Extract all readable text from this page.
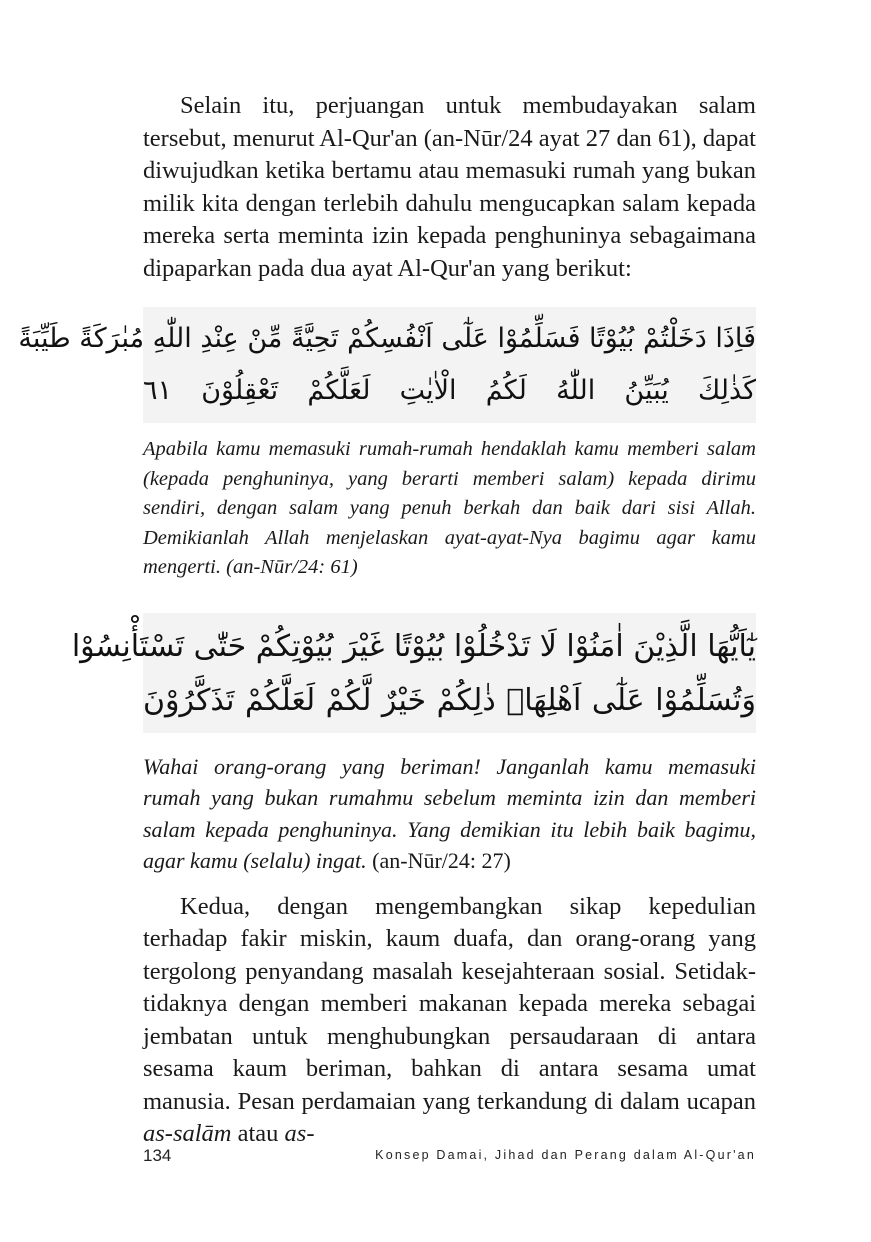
Selain itu, perjuangan untuk membudayakan salam tersebut, menurut Al-Qur'an (an-Nūr/24 ayat 27 dan 61), dapat diwujudkan ketika bertamu atau memasuki rumah yang bukan milik kita dengan terlebih dahulu mengucapkan salam kepada mereka serta meminta izin kepada penghuninya sebagaimana dipaparkan pada dua ayat Al-Qur'an yang berikut:

فَاِذَا دَخَلْتُمْ بُيُوْتًا فَسَلِّمُوْا عَلٰٓى اَنْفُسِكُمْ تَحِيَّةً مِّنْ عِنْدِ اللّٰهِ مُبٰرَكَةً طَيِّبَةً
كَذٰلِكَ يُبَيِّنُ اللّٰهُ لَكُمُ الْاٰيٰتِ لَعَلَّكُمْ تَعْقِلُوْنَ ٦١

Apabila kamu memasuki rumah-rumah hendaklah kamu memberi salam (kepada penghuninya, yang berarti memberi salam) kepada dirimu sendiri, dengan salam yang penuh berkah dan baik dari sisi Allah. Demikianlah Allah menjelaskan ayat-ayat-Nya bagimu agar kamu mengerti. (an-Nūr/24: 61)

يٰٓاَيُّهَا الَّذِيْنَ اٰمَنُوْا لَا تَدْخُلُوْا بُيُوْتًا غَيْرَ بُيُوْتِكُمْ حَتّٰى تَسْتَأْنِسُوْا
وَتُسَلِّمُوْا عَلٰٓى اَهْلِهَاۗ ذٰلِكُمْ خَيْرٌ لَّكُمْ لَعَلَّكُمْ تَذَكَّرُوْنَ

Wahai orang-orang yang beriman! Janganlah kamu memasuki rumah yang bukan rumahmu sebelum meminta izin dan memberi salam kepada penghuninya. Yang demikian itu lebih baik bagimu, agar kamu (selalu) ingat. (an-Nūr/24: 27)

Kedua, dengan mengembangkan sikap kepedulian terhadap fakir miskin, kaum duafa, dan orang-orang yang tergolong penyandang masalah kesejahteraan sosial. Setidak-tidaknya dengan memberi makanan kepada mereka sebagai jembatan untuk menghubungkan persaudaraan di antara sesama kaum beriman, bahkan di antara sesama umat manusia. Pesan perdamaian yang terkandung di dalam ucapan as-salām atau as-

134	Konsep Damai, Jihad dan Perang dalam Al-Qur'an
